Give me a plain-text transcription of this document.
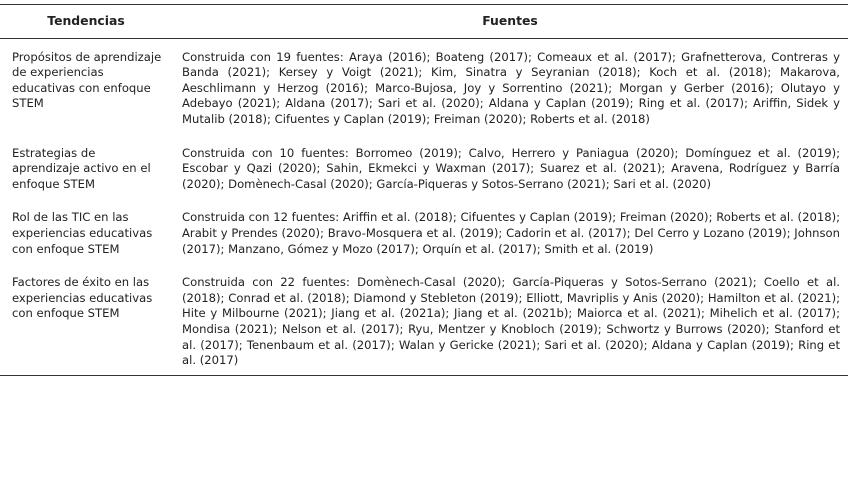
Tendencias	Fuentes

Propósitos de aprendizaje de experiencias educativas con enfoque STEM	Construida con 19 fuentes: Araya (2016); Boateng (2017); Comeaux et al. (2017); Grafnetterova, Contreras y Banda (2021); Kersey y Voigt (2021); Kim, Sinatra y Seyranian (2018); Koch et al. (2018); Makarova, Aeschlimann y Herzog (2016); Marco-Bujosa, Joy y Sorrentino (2021); Morgan y Gerber (2016); Olutayo y Adebayo (2021); Aldana (2017); Sari et al. (2020); Aldana y Caplan (2019); Ring et al. (2017); Ariffin, Sidek y Mutalib (2018); Cifuentes y Caplan (2019); Freiman (2020); Roberts et al. (2018)

Estrategias de aprendizaje activo en el enfoque STEM	Construida con 10 fuentes: Borromeo (2019); Calvo, Herrero y Paniagua (2020); Domínguez et al. (2019); Escobar y Qazi (2020); Sahin, Ekmekci y Waxman (2017); Suarez et al. (2021); Aravena, Rodríguez y Barría (2020); Domènech-Casal (2020); García-Piqueras y Sotos-Serrano (2021); Sari et al. (2020)

Rol de las TIC en las experiencias educativas con enfoque STEM	Construida con 12 fuentes: Ariffin et al. (2018); Cifuentes y Caplan (2019); Freiman (2020); Roberts et al. (2018); Arabit y Prendes (2020); Bravo-Mosquera et al. (2019); Cadorin et al. (2017); Del Cerro y Lozano (2019); Johnson (2017); Manzano, Gómez y Mozo (2017); Orquín et al. (2017); Smith et al. (2019)

Factores de éxito en las experiencias educativas con enfoque STEM	Construida con 22 fuentes: Domènech-Casal (2020); García-Piqueras y Sotos-Serrano (2021); Coello et al. (2018); Conrad et al. (2018); Diamond y Stebleton (2019); Elliott, Mavriplis y Anis (2020); Hamilton et al. (2021); Hite y Milbourne (2021); Jiang et al. (2021a); Jiang et al. (2021b); Maiorca et al. (2021); Mihelich et al. (2017); Mondisa (2021); Nelson et al. (2017); Ryu, Mentzer y Knobloch (2019); Schwortz y Burrows (2020); Stanford et al. (2017); Tenenbaum et al. (2017); Walan y Gericke (2021); Sari et al. (2020); Aldana y Caplan (2019); Ring et al. (2017)
